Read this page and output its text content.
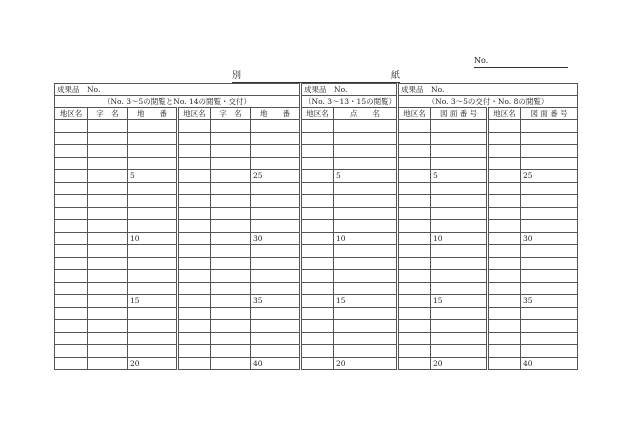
No.
別	紙
成果品　No.						成果品　No.		成果品　No.			
（No. 3〜5の閲覧とNo. 14の閲覧・交付）						（No. 3〜13・15の閲覧）		（No. 3〜5の交付・No. 8の閲覧）			
地区名	字　名	地　　番	地区名	字　名	地　　番	地区名	点　　名	地区名	図 面 番 号	地区名	図 面 番 号

		5			25		5		5		25

		10			30		10		10		30

		15			35		15		15		35

		20			40		20		20		40
